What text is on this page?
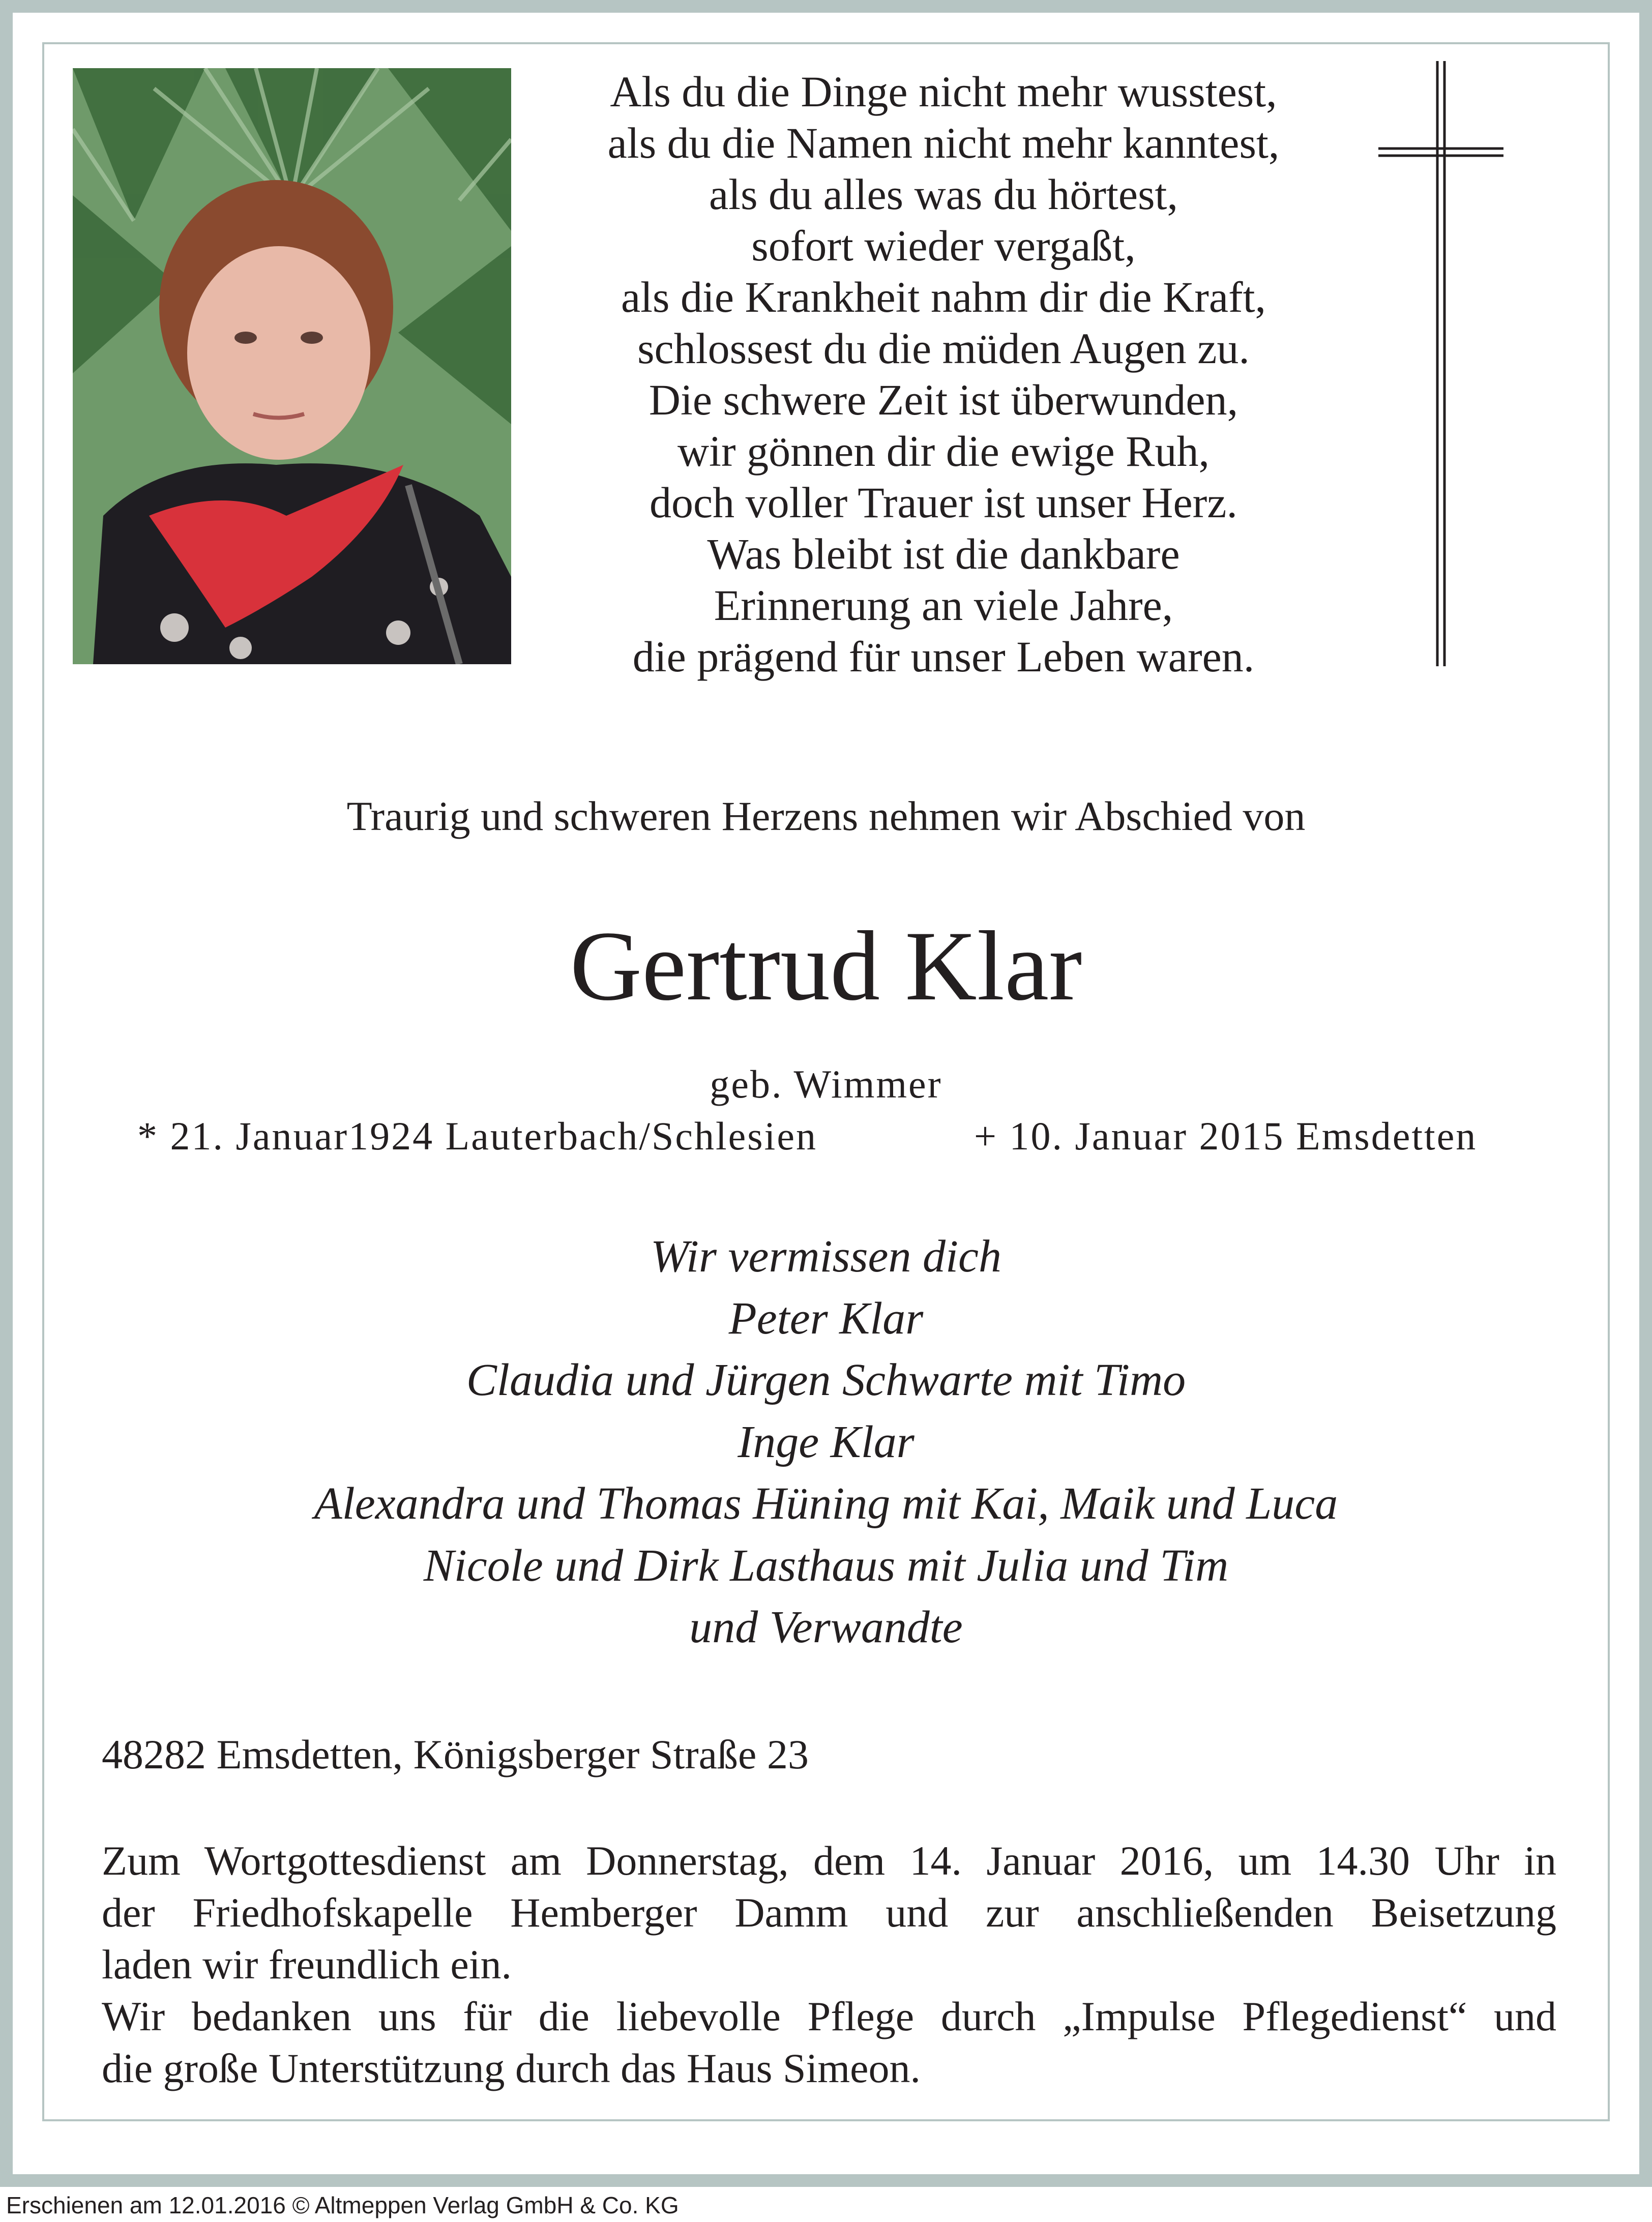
Als du die Dinge nicht mehr wusstest,
als du die Namen nicht mehr kanntest,
als du alles was du hörtest,
sofort wieder vergaßt,
als die Krankheit nahm dir die Kraft,
schlossest du die müden Augen zu.
Die schwere Zeit ist überwunden,
wir gönnen dir die ewige Ruh,
doch voller Trauer ist unser Herz.
Was bleibt ist die dankbare
Erinnerung an viele Jahre,
die prägend für unser Leben waren.
Traurig und schweren Herzens nehmen wir Abschied von
Gertrud Klar
geb. Wimmer
* 21. Januar1924 Lauterbach/Schlesien	+ 10. Januar 2015 Emsdetten
Wir vermissen dich
Peter Klar
Claudia und Jürgen Schwarte mit Timo
Inge Klar
Alexandra und Thomas Hüning mit Kai, Maik und Luca
Nicole und Dirk Lasthaus mit Julia und Tim
und Verwandte
48282 Emsdetten, Königsberger Straße 23
Zum Wortgottesdienst am Donnerstag, dem 14. Januar 2016, um 14.30 Uhr in
der Friedhofskapelle Hemberger Damm und zur anschließenden Beisetzung
laden wir freundlich ein.
Wir bedanken uns für die liebevolle Pflege durch „Impulse Pflegedienst“ und
die große Unterstützung durch das Haus Simeon.
Erschienen am 12.01.2016 © Altmeppen Verlag GmbH & Co. KG
